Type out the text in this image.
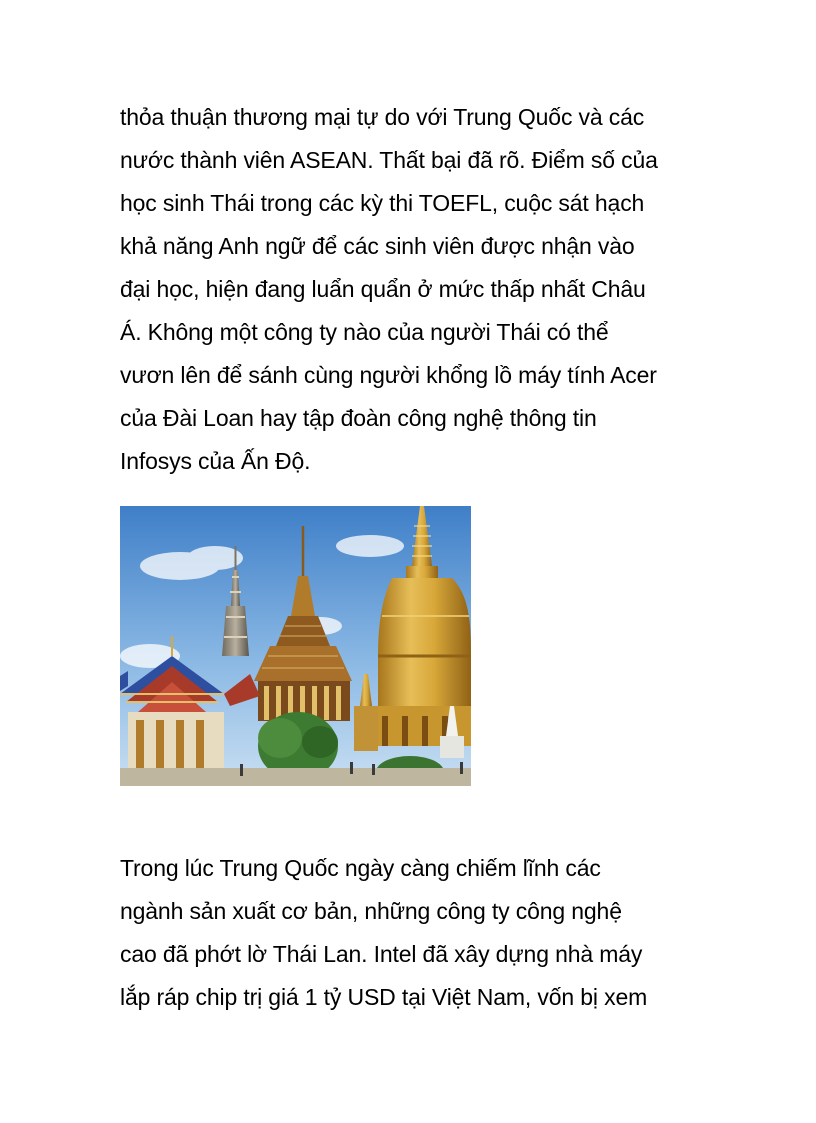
thỏa thuận thương mại tự do với Trung Quốc và các
nước thành viên ASEAN. Thất bại đã rõ. Điểm số của
học sinh Thái trong các kỳ thi TOEFL, cuộc sát hạch
khả năng Anh ngữ để các sinh viên được nhận vào
đại học, hiện đang luẩn quẩn ở mức thấp nhất Châu
Á. Không một công ty nào của người Thái có thể
vươn lên để sánh cùng người khổng lồ máy tính Acer
của Đài Loan hay tập đoàn công nghệ thông tin
Infosys của Ấn Độ.

Trong lúc Trung Quốc ngày càng chiếm lĩnh các
ngành sản xuất cơ bản, những công ty công nghệ
cao đã phớt lờ Thái Lan. Intel đã xây dựng nhà máy
lắp ráp chip trị giá 1 tỷ USD tại Việt Nam, vốn bị xem
